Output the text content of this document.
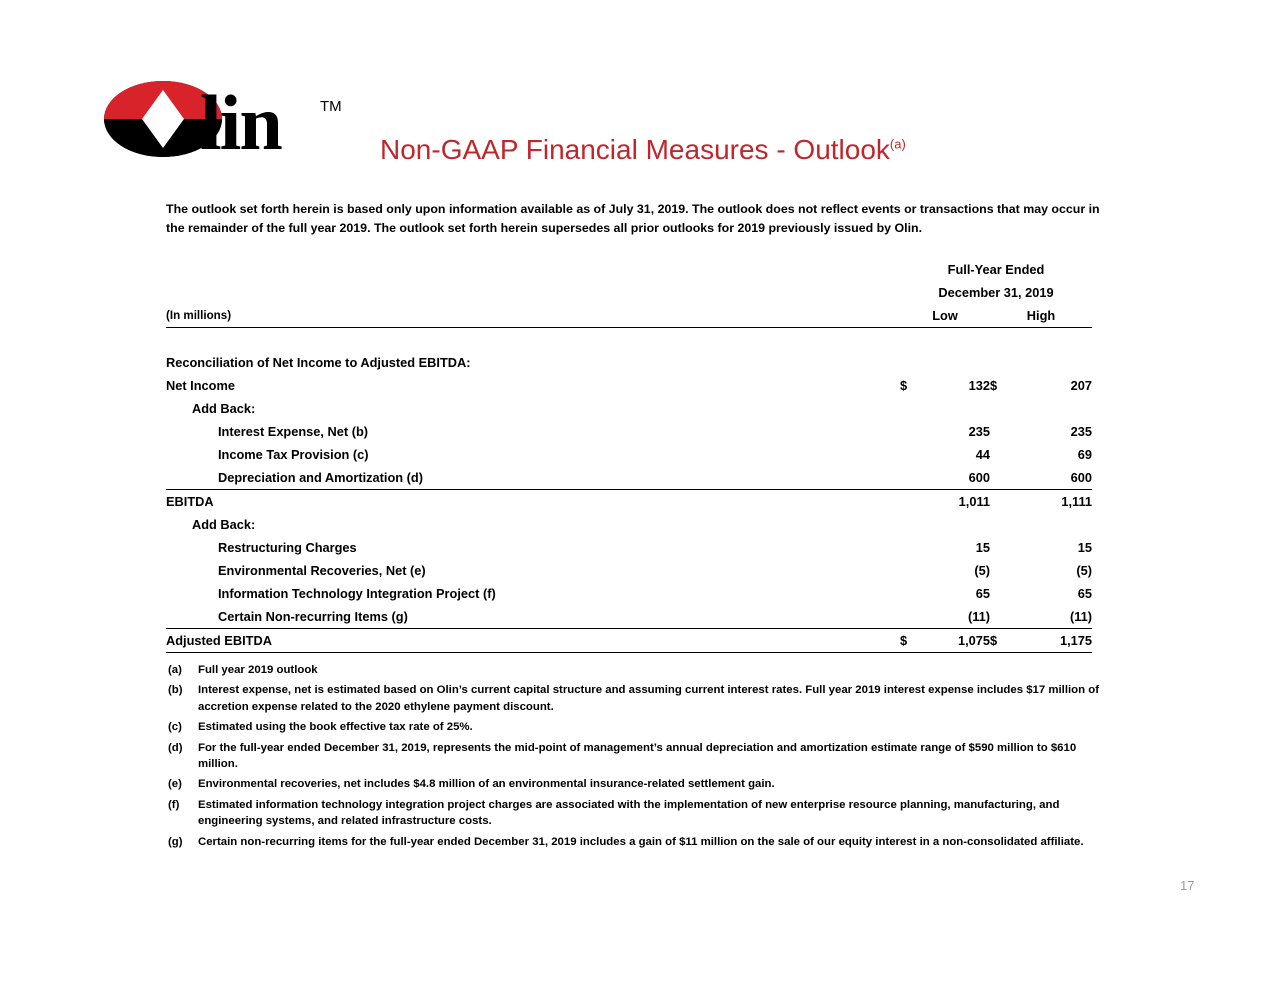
lin	TM
Non-GAAP Financial Measures - Outlook$^{(a)}$
The outlook set forth herein is based only upon information available as of July 31, 2019. The outlook does not reflect events or transactions that may occur in the remainder of the full year 2019. The outlook set forth herein supersedes all prior outlooks for 2019 previously issued by Olin.
	Full-Year Ended			
	December 31, 2019			
(In millions)	Low		High	

Reconciliation of Net Income to Adjusted EBITDA:				
Net Income	$	132	$	207
Add Back:				
Interest Expense, Net (b)		235		235
Income Tax Provision (c)		44		69
Depreciation and Amortization (d)		600		600
EBITDA		1,011		1,111
Add Back:				
Restructuring Charges		15		15
Environmental Recoveries, Net (e)		(5)		(5)
Information Technology Integration Project (f)		65		65
Certain Non-recurring Items (g)		(11)		(11)
Adjusted EBITDA	$	1,075	$	1,175
(a)	Full year 2019 outlook
(b)	Interest expense, net is estimated based on Olin’s current capital structure and assuming current interest rates. Full year 2019 interest expense includes $17 million of accretion expense related to the 2020 ethylene payment discount.
(c)	Estimated using the book effective tax rate of 25%.
(d)	For the full-year ended December 31, 2019, represents the mid-point of management’s annual depreciation and amortization estimate range of $590 million to $610 million.
(e)	Environmental recoveries, net includes $4.8 million of an environmental insurance-related settlement gain.
(f)	Estimated information technology integration project charges are associated with the implementation of new enterprise resource planning, manufacturing, and engineering systems, and related infrastructure costs.
(g)	Certain non-recurring items for the full-year ended December 31, 2019 includes a gain of $11 million on the sale of our equity interest in a non-consolidated affiliate.
17
